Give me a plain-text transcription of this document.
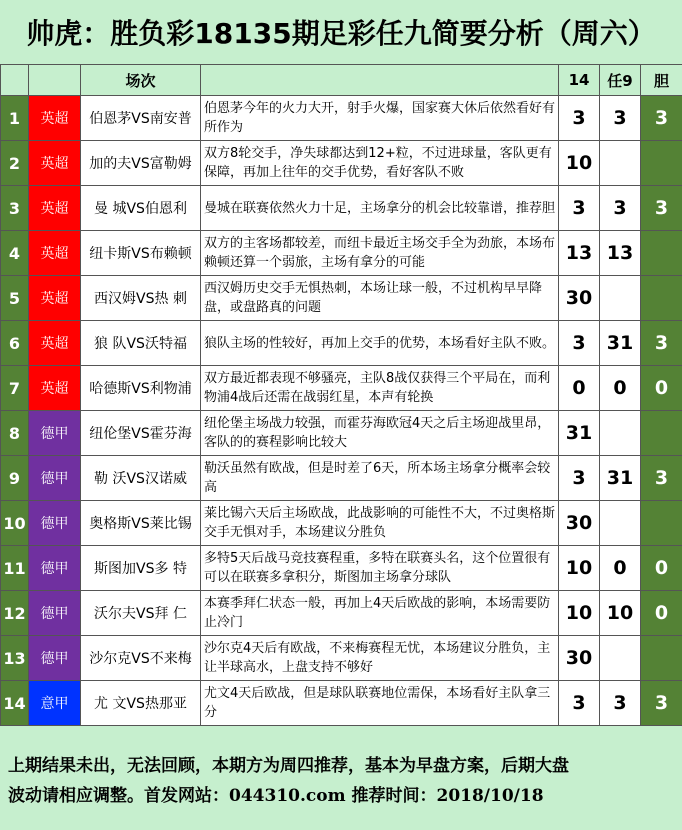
帅虎：胜负彩18135期足彩任九简要分析（周六）
		场次		14	任9	胆
1	英超	伯恩茅VS南安普	伯恩茅今年的火力大开，射手火爆，国家赛大休后依然看好有所作为	3	3	3
2	英超	加的夫VS富勒姆	双方8轮交手，净失球都达到12+粒，不过进球量，客队更有保障，再加上往年的交手优势，看好客队不败	10		
3	英超	曼 城VS伯恩利	曼城在联赛依然火力十足，主场拿分的机会比较靠谱，推荐胆	3	3	3
4	英超	纽卡斯VS布赖顿	双方的主客场都较差，而纽卡最近主场交手全为劲旅，本场布赖顿还算一个弱旅，主场有拿分的可能	13	13	
5	英超	西汉姆VS热 刺	西汉姆历史交手无惧热刺，本场让球一般，不过机构早早降盘，或盘路真的问题	30		
6	英超	狼 队VS沃特福	狼队主场的性较好，再加上交手的优势，本场看好主队不败。	3	31	3
7	英超	哈德斯VS利物浦	双方最近都表现不够骚亮，主队8战仅获得三个平局在，而利物浦4战后还需在战弱红星，本声有轮换	0	0	0
8	德甲	纽伦堡VS霍芬海	纽伦堡主场战力较强，而霍芬海欧冠4天之后主场迎战里昂，客队的的赛程影响比较大	31		
9	德甲	勒 沃VS汉诺威	勒沃虽然有欧战，但是时差了6天，所本场主场拿分概率会较高	3	31	3
10	德甲	奥格斯VS莱比锡	莱比锡六天后主场欧战，此战影响的可能性不大，不过奥格斯交手无惧对手，本场建议分胜负	30		
11	德甲	斯图加VS多 特	多特5天后战马竞技赛程重，多特在联赛头名，这个位置很有可以在联赛多拿积分，斯图加主场拿分球队	10	0	0
12	德甲	沃尔夫VS拜 仁	本赛季拜仁状态一般，再加上4天后欧战的影响，本场需要防止冷门	10	10	0
13	德甲	沙尔克VS不来梅	沙尔克4天后有欧战，不来梅赛程无忧，本场建议分胜负，主让半球高水，上盘支持不够好	30		
14	意甲	尤 文VS热那亚	尤文4天后欧战，但是球队联赛地位需保，本场看好主队拿三分	3	3	3
上期结果未出，无法回顾，本期方为周四推荐，基本为早盘方案，后期大盘
波动请相应调整。首发网站：044310.com 推荐时间：2018/10/18
